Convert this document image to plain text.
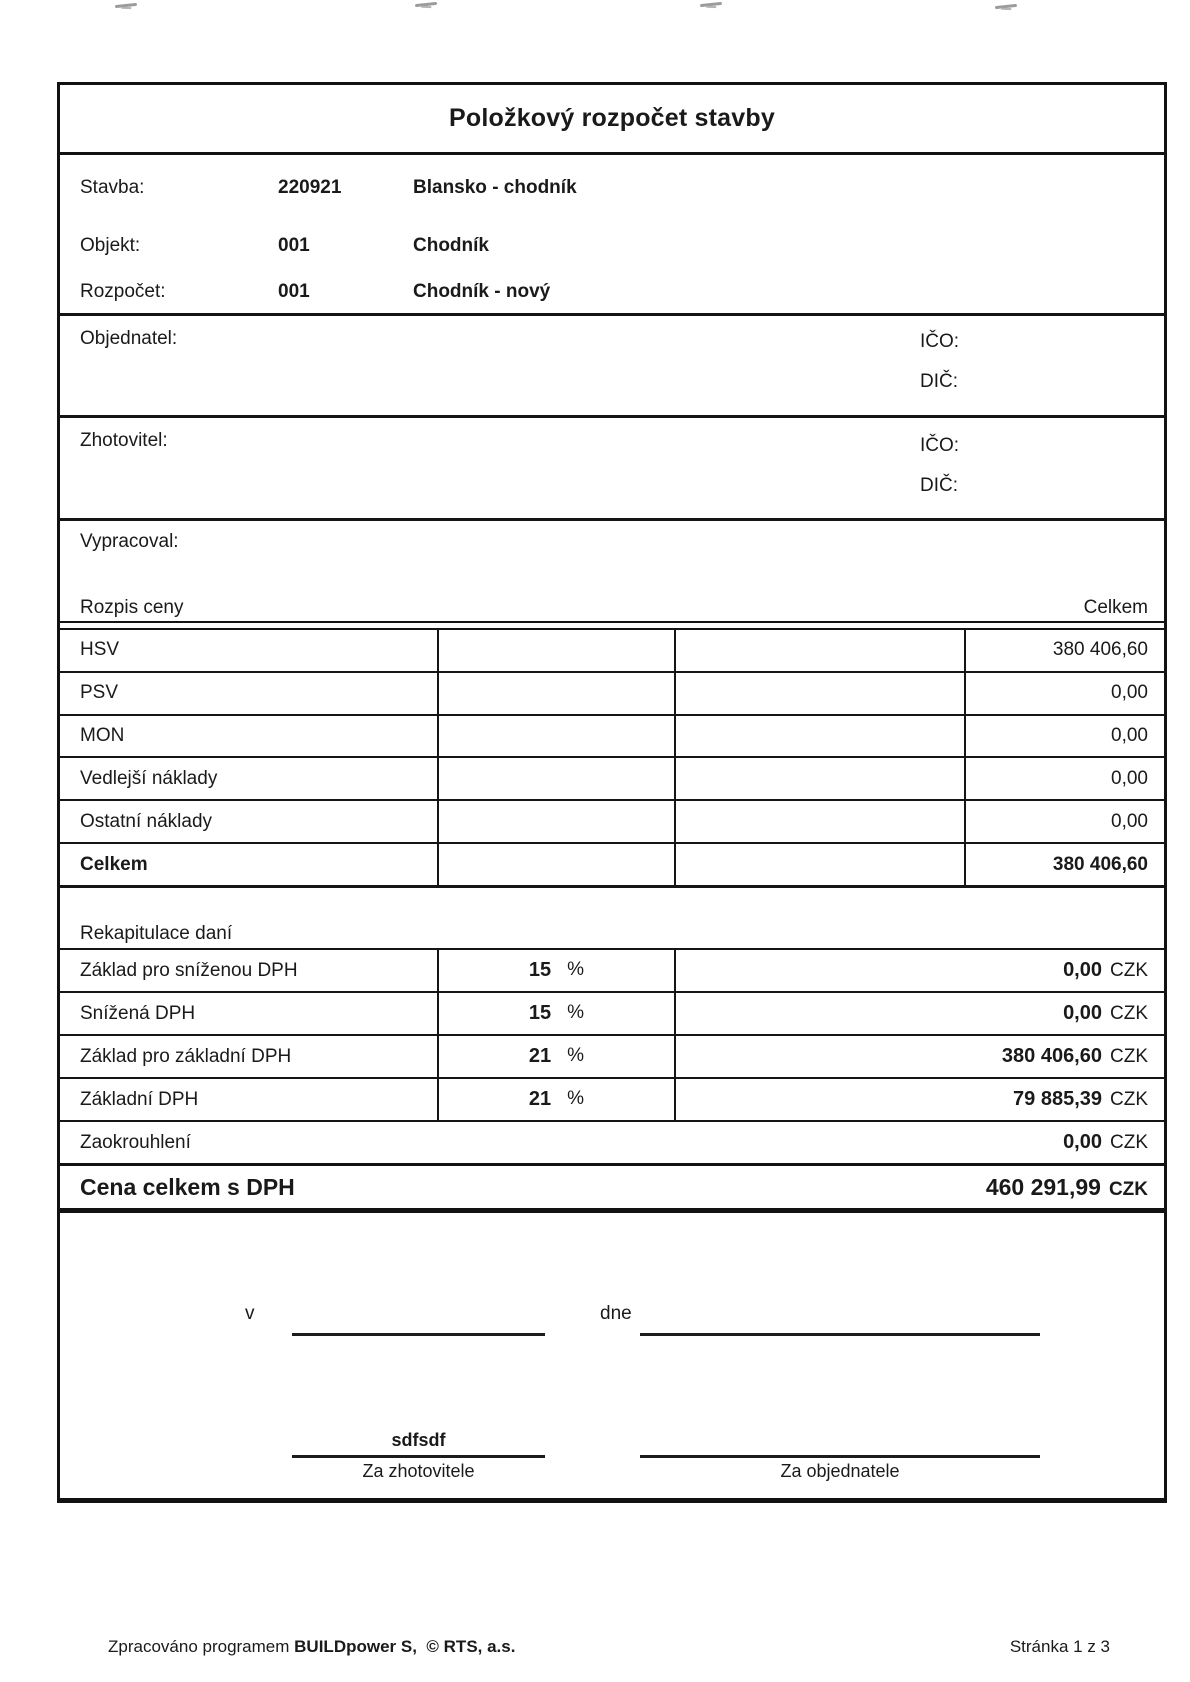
Položkový rozpočet stavby
Stavba:	220921	Blansko - chodník
Objekt:	001	Chodník
Rozpočet:	001	Chodník - nový
Objednatel:	IČO:
DIČ:
Zhotovitel:	IČO:
DIČ:
Vypracoval:
Rozpis ceny	Celkem
HSV			380 406,60
PSV			0,00
MON			0,00
Vedlejší náklady			0,00
Ostatní náklady			0,00
Celkem			380 406,60
Rekapitulace daní
Základ pro sníženou DPH	15 %	0,00 CZK
Snížená DPH	15 %	0,00 CZK
Základ pro základní DPH	21 %	380 406,60 CZK
Základní DPH	21 %	79 885,39 CZK
Zaokrouhlení		0,00 CZK
Cena celkem s DPH	460 291,99 CZK
v	dne
sdfsdf
Za zhotovitele	Za objednatele
Zpracováno programem BUILDpower S, © RTS, a.s.	Stránka 1 z 3
